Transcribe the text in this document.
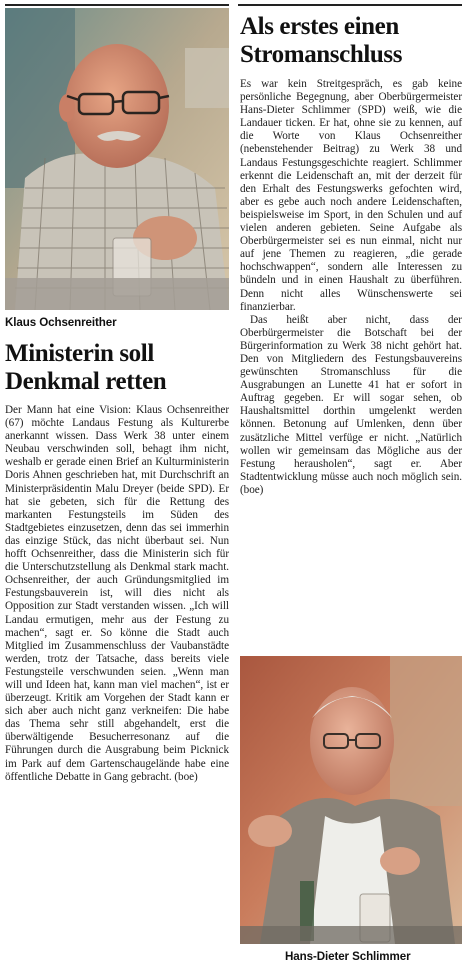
Klaus Ochsenreither
Ministerin soll
Denkmal retten

Der Mann hat eine Vision: Klaus Ochsenreither (67) möchte Landaus Festung als Kulturerbe anerkannt wissen. Dass Werk 38 unter einem Neubau verschwinden soll, behagt ihm nicht, weshalb er gerade einen Brief an Kulturministerin Doris Ahnen geschrieben hat, mit Durchschrift an Ministerpräsidentin Malu Dreyer (beide SPD). Er hat sie gebeten, sich für die Rettung des markanten Festungsteils im Süden des Stadtgebietes einzusetzen, denn das sei immerhin das einzige Stück, das nicht überbaut sei. Nun hofft Ochsenreither, dass die Ministerin sich für die Unterschutzstellung als Denkmal stark macht. Ochsenreither, der auch Gründungsmitglied im Festungsbauverein ist, will dies nicht als Opposition zur Stadt verstanden wissen. „Ich will Landau ermutigen, mehr aus der Festung zu machen“, sagt er. So könne die Stadt auch Mitglied im Zusammenschluss der Vaubanstädte werden, trotz der Tatsache, dass bereits viele Festungsteile verschwunden seien. „Wenn man will und Ideen hat, kann man viel machen“, ist er überzeugt. Kritik am Vorgehen der Stadt kann er sich aber auch nicht ganz verkneifen: Die habe das Thema sehr still abgehandelt, erst die überwältigende Besucherresonanz auf die Führungen durch die Ausgrabung beim Picknick im Park auf dem Gartenschaugelände habe eine öffentliche Debatte in Gang gebracht. (boe)

Als erstes einen
Stromanschluss

Es war kein Streitgespräch, es gab keine persönliche Begegnung, aber Oberbürgermeister Hans-Dieter Schlimmer (SPD) weiß, wie die Landauer ticken. Er hat, ohne sie zu kennen, auf die Worte von Klaus Ochsenreither (nebenstehender Beitrag) zu Werk 38 und Landaus Festungsgeschichte reagiert. Schlimmer erkennt die Leidenschaft an, mit der derzeit für den Erhalt des Festungswerks gefochten wird, aber es gebe auch noch andere Leidenschaften, beispielsweise im Sport, in den Schulen und auf vielen anderen gebieten. Seine Aufgabe als Oberbürgermeister sei es nun einmal, nicht nur auf jene Themen zu reagieren, „die gerade hochschwappen“, sondern alle Interessen zu bündeln und in einen Haushalt zu überführen. Denn nicht alles Wünschenswerte sei finanzierbar.

Das heißt aber nicht, dass der Oberbürgermeister die Botschaft bei der Bürgerinformation zu Werk 38 nicht gehört hat. Den von Mitgliedern des Festungsbauvereins gewünschten Stromanschluss für die Ausgrabungen an Lunette 41 hat er sofort in Auftrag gegeben. Er will sogar sehen, ob Haushaltsmittel dorthin umgelenkt werden können. Betonung auf Umlenken, denn über zusätzliche Mittel verfüge er nicht. „Natürlich wollen wir gemeinsam das Mögliche aus der Festung herausholen“, sagt er. Aber Stadtentwicklung müsse auch noch möglich sein. (boe)

Hans-Dieter Schlimmer
